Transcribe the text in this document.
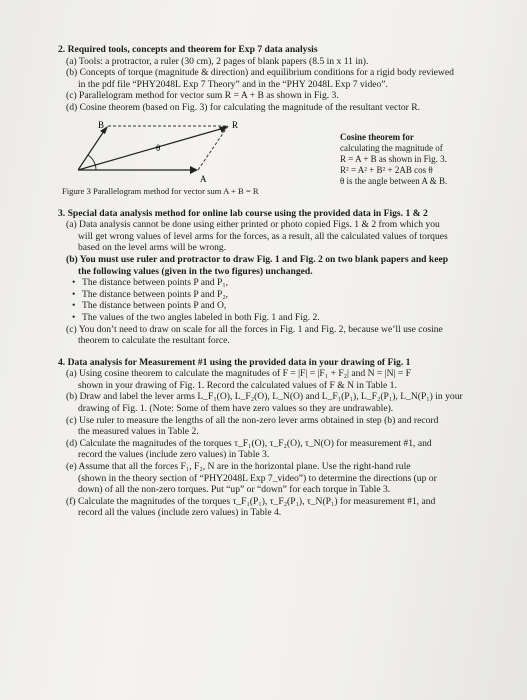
2. Required tools, concepts and theorem for Exp 7 data analysis
(a) Tools: a protractor, a ruler (30 cm), 2 pages of blank papers (8.5 in x 11 in).
(b) Concepts of torque (magnitude & direction) and equilibrium conditions for a rigid body reviewed
in the pdf file “PHY2048L Exp 7 Theory” and in the “PHY 2048L Exp 7 video”.
(c) Parallelogram method for vector sum R = A + B as shown in Fig. 3.
(d) Cosine theorem (based on Fig. 3) for calculating the magnitude of the resultant vector R.
B	R
A
θ
Figure 3 Parallelogram method for vector sum A + B = R
Cosine theorem for
calculating the magnitude of
R = A + B as shown in Fig. 3.
R² = A² + B² + 2AB cos θ
θ is the angle between A & B.
3. Special data analysis method for online lab course using the provided data in Figs. 1 & 2
(a) Data analysis cannot be done using either printed or photo copied Figs. 1 & 2 from which you
will get wrong values of level arms for the forces, as a result, all the calculated values of torques
based on the level arms will be wrong.
(b) You must use ruler and protractor to draw Fig. 1 and Fig. 2 on two blank papers and keep
the following values (given in the two figures) unchanged.
• The distance between points P and P₁,
• The distance between points P and P₂,
• The distance between points P and O,
• The values of the two angles labeled in both Fig. 1 and Fig. 2.
(c) You don’t need to draw on scale for all the forces in Fig. 1 and Fig. 2, because we’ll use cosine
theorem to calculate the resultant force.
4. Data analysis for Measurement #1 using the provided data in your drawing of Fig. 1
(a) Using cosine theorem to calculate the magnitudes of F = |F| = |F₁ + F₂| and N = |N| = F
shown in your drawing of Fig. 1. Record the calculated values of F & N in Table 1.
(b) Draw and label the lever arms L_F₁(O), L_F₂(O), L_N(O) and L_F₁(P₁), L_F₂(P₁), L_N(P₁) in your
drawing of Fig. 1. (Note: Some of them have zero values so they are undrawable).
(c) Use ruler to measure the lengths of all the non-zero lever arms obtained in step (b) and record
the measured values in Table 2.
(d) Calculate the magnitudes of the torques τ_F₁(O), τ_F₂(O), τ_N(O) for measurement #1, and
record the values (include zero values) in Table 3.
(e) Assume that all the forces F₁, F₂, N are in the horizontal plane. Use the right-hand rule
(shown in the theory section of “PHY2048L Exp 7_video”) to determine the directions (up or
down) of all the non-zero torques. Put “up” or “down” for each torque in Table 3.
(f) Calculate the magnitudes of the torques τ_F₁(P₁), τ_F₂(P₁), τ_N(P₁) for measurement #1, and
record all the values (include zero values) in Table 4.
